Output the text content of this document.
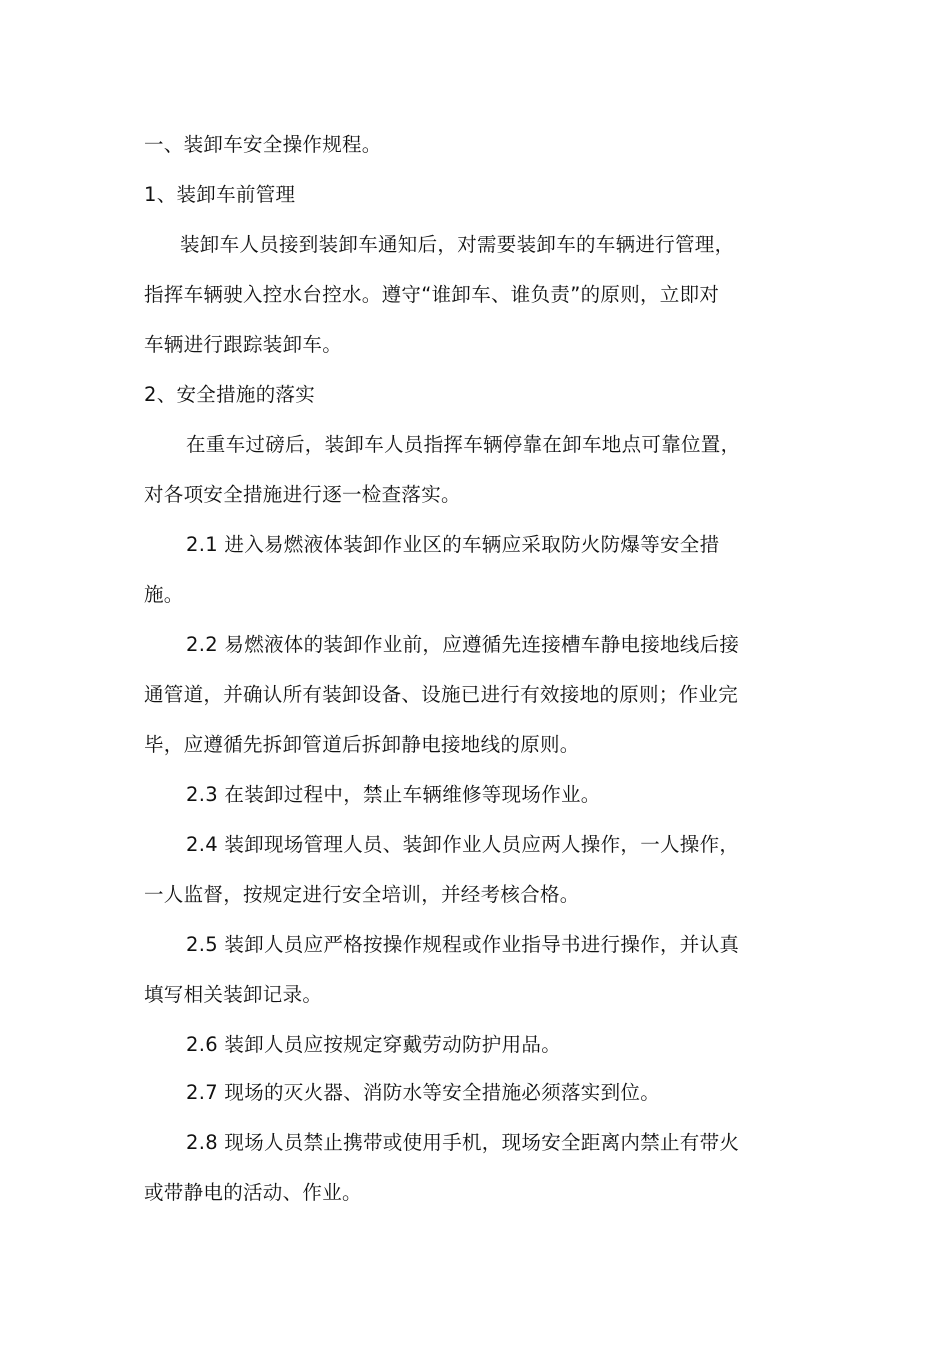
一、装卸车安全操作规程。
1、装卸车前管理
装卸车人员接到装卸车通知后，对需要装卸车的车辆进行管理，
指挥车辆驶入控水台控水。遵守“谁卸车、谁负责”的原则，立即对
车辆进行跟踪装卸车。
2、安全措施的落实
在重车过磅后，装卸车人员指挥车辆停靠在卸车地点可靠位置，
对各项安全措施进行逐一检查落实。
2.1 进入易燃液体装卸作业区的车辆应采取防火防爆等安全措
施。
2.2 易燃液体的装卸作业前，应遵循先连接槽车静电接地线后接
通管道，并确认所有装卸设备、设施已进行有效接地的原则；作业完
毕，应遵循先拆卸管道后拆卸静电接地线的原则。
2.3 在装卸过程中，禁止车辆维修等现场作业。
2.4 装卸现场管理人员、装卸作业人员应两人操作，一人操作，
一人监督，按规定进行安全培训，并经考核合格。
2.5 装卸人员应严格按操作规程或作业指导书进行操作，并认真
填写相关装卸记录。
2.6 装卸人员应按规定穿戴劳动防护用品。
2.7 现场的灭火器、消防水等安全措施必须落实到位。
2.8 现场人员禁止携带或使用手机，现场安全距离内禁止有带火
或带静电的活动、作业。
